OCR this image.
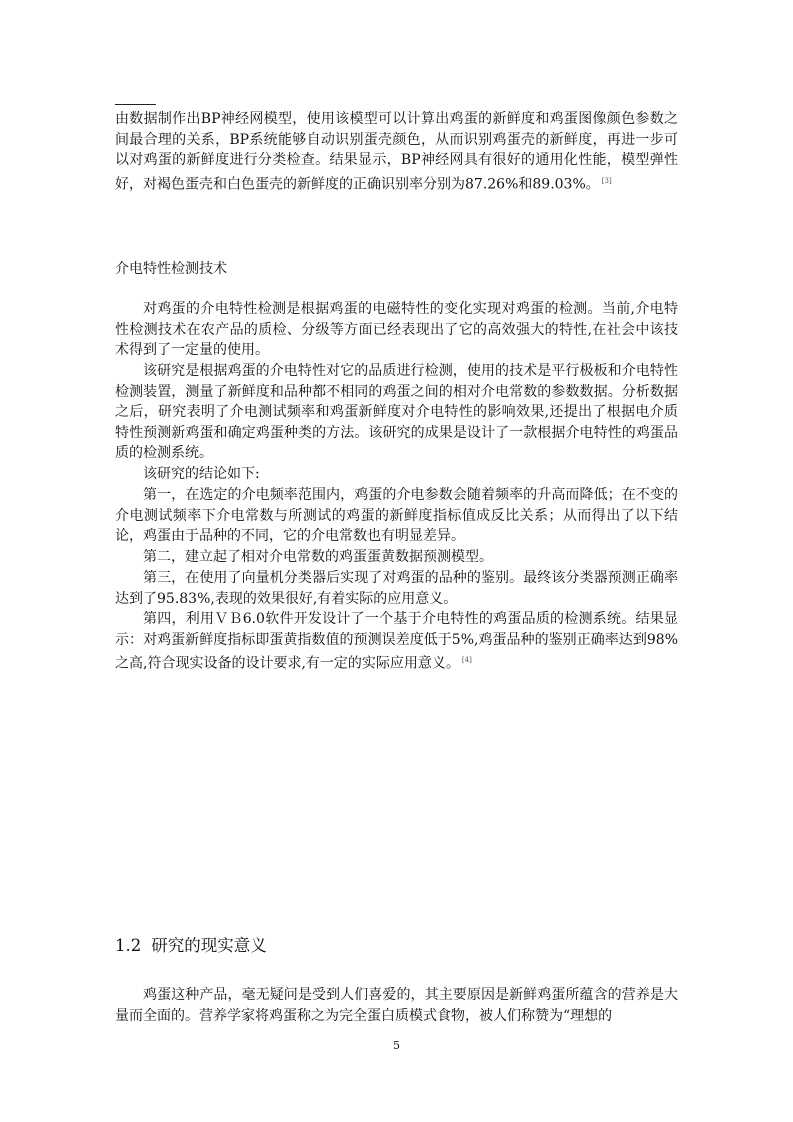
由数据制作出BP神经网模型，使用该模型可以计算出鸡蛋的新鲜度和鸡蛋图像颜色参数之间最合理的关系，BP系统能够自动识别蛋壳颜色，从而识别鸡蛋壳的新鲜度，再进一步可以对鸡蛋的新鲜度进行分类检查。结果显示，BP神经网具有很好的通用化性能，模型弹性好，对褐色蛋壳和白色蛋壳的新鲜度的正确识别率分别为87.26%和89.03%。 [3]

介电特性检测技术

对鸡蛋的介电特性检测是根据鸡蛋的电磁特性的变化实现对鸡蛋的检测。当前,介电特性检测技术在农产品的质检、分级等方面已经表现出了它的高效强大的特性,在社会中该技术得到了一定量的使用。

该研究是根据鸡蛋的介电特性对它的品质进行检测，使用的技术是平行极板和介电特性检测装置，测量了新鲜度和品种都不相同的鸡蛋之间的相对介电常数的参数数据。分析数据之后，研究表明了介电测试频率和鸡蛋新鲜度对介电特性的影响效果,还提出了根据电介质特性预测新鸡蛋和确定鸡蛋种类的方法。该研究的成果是设计了一款根据介电特性的鸡蛋品质的检测系统。

该研究的结论如下:

第一，在选定的介电频率范围内，鸡蛋的介电参数会随着频率的升高而降低；在不变的介电测试频率下介电常数与所测试的鸡蛋的新鲜度指标值成反比关系；从而得出了以下结论，鸡蛋由于品种的不同，它的介电常数也有明显差异。

第二，建立起了相对介电常数的鸡蛋蛋黄数据预测模型。

第三，在使用了向量机分类器后实现了对鸡蛋的品种的鉴别。最终该分类器预测正确率达到了95.83%,表现的效果很好,有着实际的应用意义。

第四，利用ＶＢ6.0软件开发设计了一个基于介电特性的鸡蛋品质的检测系统。结果显示：对鸡蛋新鲜度指标即蛋黄指数值的预测误差度低于5%,鸡蛋品种的鉴别正确率达到98%之高,符合现实设备的设计要求,有一定的实际应用意义。 [4]

1.2 研究的现实意义

鸡蛋这种产品，毫无疑问是受到人们喜爱的，其主要原因是新鲜鸡蛋所蕴含的营养是大量而全面的。营养学家将鸡蛋称之为完全蛋白质模式食物，被人们称赞为“理想的

5
